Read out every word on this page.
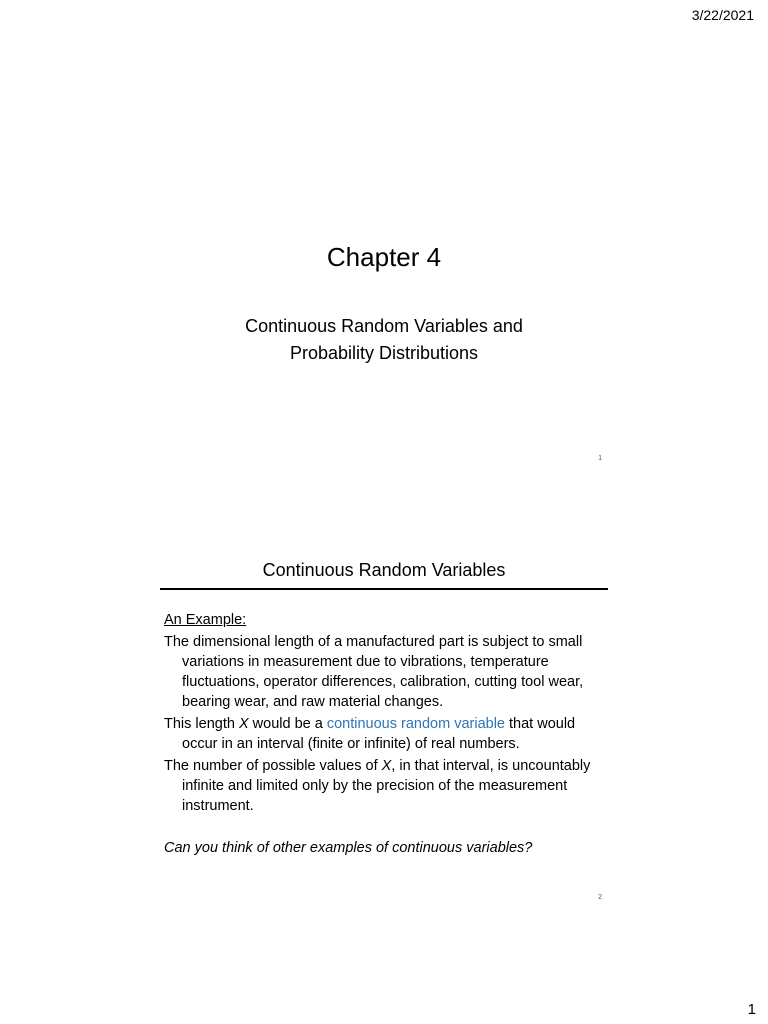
3/22/2021
Chapter 4
Continuous Random Variables and
Probability Distributions
1
Continuous Random Variables
An Example:
The dimensional length of a manufactured part is subject to small variations in measurement due to vibrations, temperature fluctuations, operator differences, calibration, cutting tool wear, bearing wear, and raw material changes.
This length X would be a continuous random variable that would occur in an interval (finite or infinite) of real numbers.
The number of possible values of X, in that interval, is uncountably infinite and limited only by the precision of the measurement instrument.
Can you think of other examples of continuous variables?
2
1
